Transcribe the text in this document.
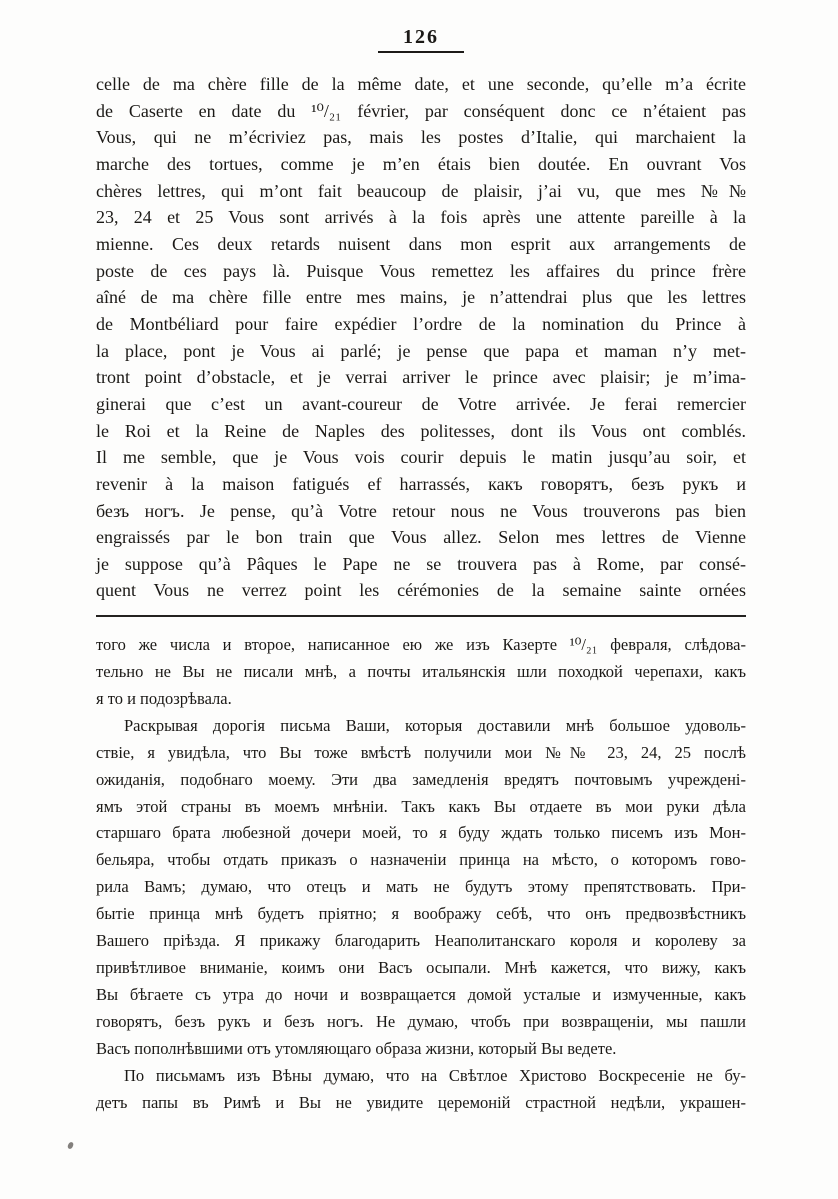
126
celle de ma chère fille de la même date, et une seconde, qu’elle m’a écrite
de Caserte en date du ¹⁰/₂₁ février, par conséquent donc ce n’étaient pas
Vous, qui ne m’écriviez pas, mais les postes d’Italie, qui marchaient la
marche des tortues, comme je m’en étais bien doutée. En ouvrant Vos
chères lettres, qui m’ont fait beaucoup de plaisir, j’ai vu, que mes №№
23, 24 et 25 Vous sont arrivés à la fois après une attente pareille à la
mienne. Ces deux retards nuisent dans mon esprit aux arrangements de
poste de ces pays là. Puisque Vous remettez les affaires du prince frère
aîné de ma chère fille entre mes mains, je n’attendrai plus que les lettres
de Montbéliard pour faire expédier l’ordre de la nomination du Prince à
la place, pont je Vous ai parlé; je pense que papa et maman n’y met-
tront point d’obstacle, et je verrai arriver le prince avec plaisir; je m’ima-
ginerai que c’est un avant-coureur de Votre arrivée. Je ferai remercier
le Roi et la Reine de Naples des politesses, dont ils Vous ont comblés.
Il me semble, que je Vous vois courir depuis le matin jusqu’au soir, et
revenir à la maison fatigués ef harrassés, какъ говорятъ, безъ рукъ и
безъ ногъ. Je pense, qu’à Votre retour nous ne Vous trouverons pas bien
engraissés par le bon train que Vous allez. Selon mes lettres de Vienne
je suppose qu’à Pâques le Pape ne se trouvera pas à Rome, par consé-
quent Vous ne verrez point les cérémonies de la semaine sainte ornées
того же числа и второе, написанное ею же изъ Казерте ¹⁰/₂₁ февраля, слѣдова-
тельно не Вы не писали мнѣ, а почты итальянскія шли походкой черепахи, какъ
я то и подозрѣвала.
Раскрывая дорогія письма Ваши, которыя доставили мнѣ большое удоволь-
ствіе, я увидѣла, что Вы тоже вмѣстѣ получили мои №№ 23, 24, 25 послѣ
ожиданія, подобнаго моему. Эти два замедленія вредятъ почтовымъ учреждені-
ямъ этой страны въ моемъ мнѣніи. Такъ какъ Вы отдаете въ мои руки дѣла
старшаго брата любезной дочери моей, то я буду ждать только писемъ изъ Мон-
бельяра, чтобы отдать приказъ о назначеніи принца на мѣсто, о которомъ гово-
рила Вамъ; думаю, что отецъ и мать не будутъ этому препятствовать. При-
бытіе принца мнѣ будетъ пріятно; я воображу себѣ, что онъ предвозвѣстникъ
Вашего пріѣзда. Я прикажу благодарить Неаполитанскаго короля и королеву за
привѣтливое вниманіе, коимъ они Васъ осыпали. Мнѣ кажется, что вижу, какъ
Вы бѣгаете съ утра до ночи и возвращается домой усталые и измученные, какъ
говорятъ, безъ рукъ и безъ ногъ. Не думаю, чтобъ при возвращеніи, мы пашли
Васъ пополнѣвшими отъ утомляющаго образа жизни, который Вы ведете.
По письмамъ изъ Вѣны думаю, что на Свѣтлое Христово Воскресеніе не бу-
детъ папы въ Римѣ и Вы не увидите церемоній страстной недѣли, украшен-
